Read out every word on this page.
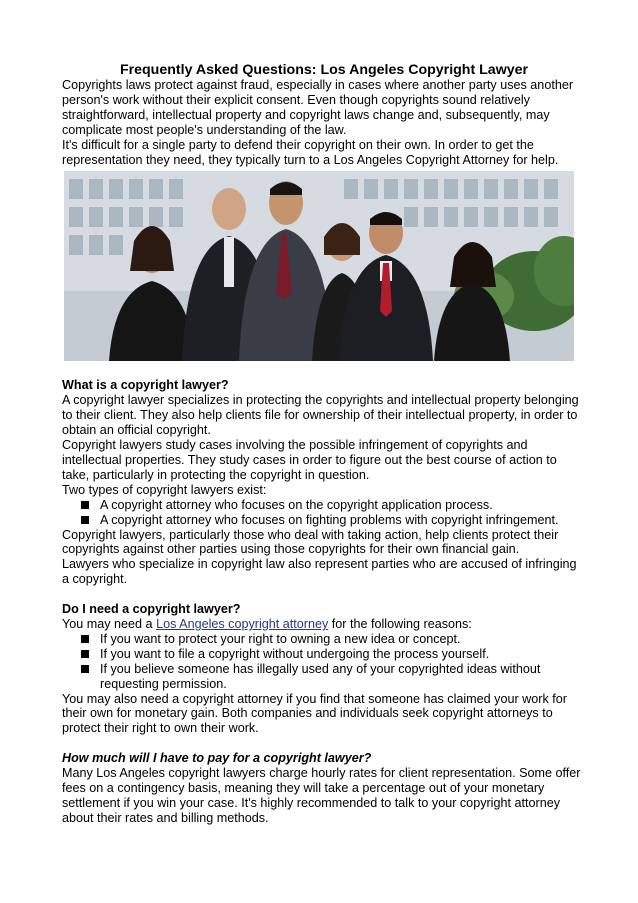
Frequently Asked Questions: Los Angeles Copyright Lawyer

Copyrights laws protect against fraud, especially in cases where another party uses another person's work without their explicit consent. Even though copyrights sound relatively straightforward, intellectual property and copyright laws change and, subsequently, may complicate most people's understanding of the law.

It's difficult for a single party to defend their copyright on their own. In order to get the representation they need, they typically turn to a Los Angeles Copyright Attorney for help.

What is a copyright lawyer?

A copyright lawyer specializes in protecting the copyrights and intellectual property belonging to their client. They also help clients file for ownership of their intellectual property, in order to obtain an official copyright.

Copyright lawyers study cases involving the possible infringement of copyrights and intellectual properties. They study cases in order to figure out the best course of action to take, particularly in protecting the copyright in question.

Two types of copyright lawyers exist:

A copyright attorney who focuses on the copyright application process.
A copyright attorney who focuses on fighting problems with copyright infringement.

Copyright lawyers, particularly those who deal with taking action, help clients protect their copyrights against other parties using those copyrights for their own financial gain.

Lawyers who specialize in copyright law also represent parties who are accused of infringing a copyright.

Do I need a copyright lawyer?

You may need a Los Angeles copyright attorney for the following reasons:

If you want to protect your right to owning a new idea or concept.
If you want to file a copyright without undergoing the process yourself.
If you believe someone has illegally used any of your copyrighted ideas without requesting permission.

You may also need a copyright attorney if you find that someone has claimed your work for their own for monetary gain. Both companies and individuals seek copyright attorneys to protect their right to own their work.

How much will I have to pay for a copyright lawyer?

Many Los Angeles copyright lawyers charge hourly rates for client representation. Some offer fees on a contingency basis, meaning they will take a percentage out of your monetary settlement if you win your case. It's highly recommended to talk to your copyright attorney about their rates and billing methods.
